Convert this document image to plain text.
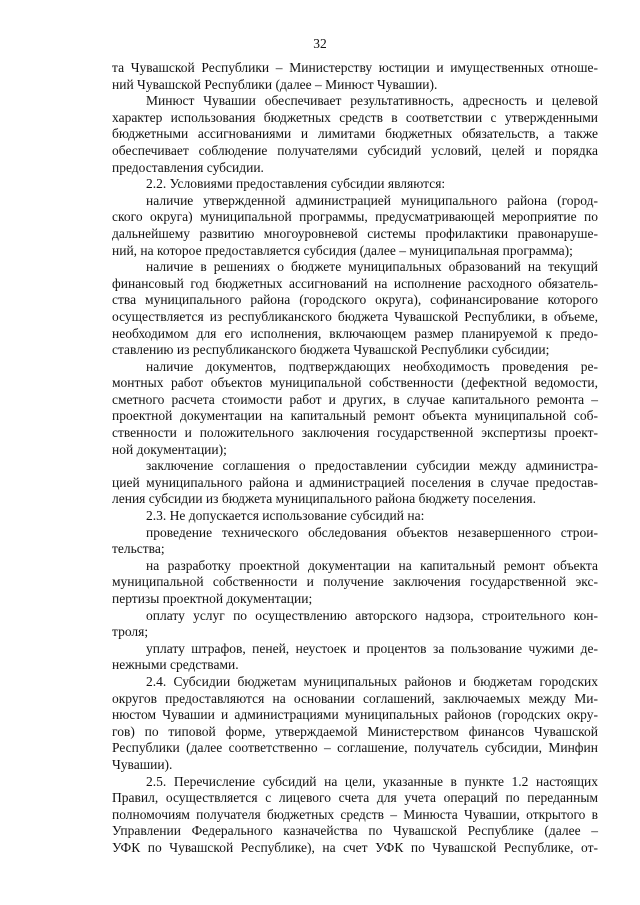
32

та Чувашской Республики – Министерству юстиции и имущественных отноше-
ний Чувашской Республики (далее – Минюст Чувашии).

Минюст Чувашии обеспечивает результативность, адресность и целевой
характер использования бюджетных средств в соответствии с утвержденными
бюджетными ассигнованиями и лимитами бюджетных обязательств, а также
обеспечивает соблюдение получателями субсидий условий, целей и порядка
предоставления субсидии.

2.2. Условиями предоставления субсидии являются:

наличие утвержденной администрацией муниципального района (город-
ского округа) муниципальной программы, предусматривающей мероприятие по
дальнейшему развитию многоуровневой системы профилактики правонаруше-
ний, на которое предоставляется субсидия (далее – муниципальная программа);

наличие в решениях о бюджете муниципальных образований на текущий
финансовый год бюджетных ассигнований на исполнение расходного обязатель-
ства муниципального района (городского округа), софинансирование которого
осуществляется из республиканского бюджета Чувашской Республики, в объеме,
необходимом для его исполнения, включающем размер планируемой к предо-
ставлению из республиканского бюджета Чувашской Республики субсидии;

наличие документов, подтверждающих необходимость проведения ре-
монтных работ объектов муниципальной собственности (дефектной ведомости,
сметного расчета стоимости работ и других, в случае капитального ремонта –
проектной документации на капитальный ремонт объекта муниципальной соб-
ственности и положительного заключения государственной экспертизы проект-
ной документации);

заключение соглашения о предоставлении субсидии между администра-
цией муниципального района и администрацией поселения в случае предостав-
ления субсидии из бюджета муниципального района бюджету поселения.

2.3. Не допускается использование субсидий на:

проведение технического обследования объектов незавершенного строи-
тельства;

на разработку проектной документации на капитальный ремонт объекта
муниципальной собственности и получение заключения государственной экс-
пертизы проектной документации;

оплату услуг по осуществлению авторского надзора, строительного кон-
троля;

уплату штрафов, пеней, неустоек и процентов за пользование чужими де-
нежными средствами.

2.4. Субсидии бюджетам муниципальных районов и бюджетам городских
округов предоставляются на основании соглашений, заключаемых между Ми-
нюстом Чувашии и администрациями муниципальных районов (городских окру-
гов) по типовой форме, утверждаемой Министерством финансов Чувашской
Республики (далее соответственно – соглашение, получатель субсидии, Минфин
Чувашии).

2.5. Перечисление субсидий на цели, указанные в пункте 1.2 настоящих
Правил, осуществляется с лицевого счета для учета операций по переданным
полномочиям получателя бюджетных средств – Минюста Чувашии, открытого в
Управлении Федерального казначейства по Чувашской Республике (далее –
УФК по Чувашской Республике), на счет УФК по Чувашской Республике, от-
